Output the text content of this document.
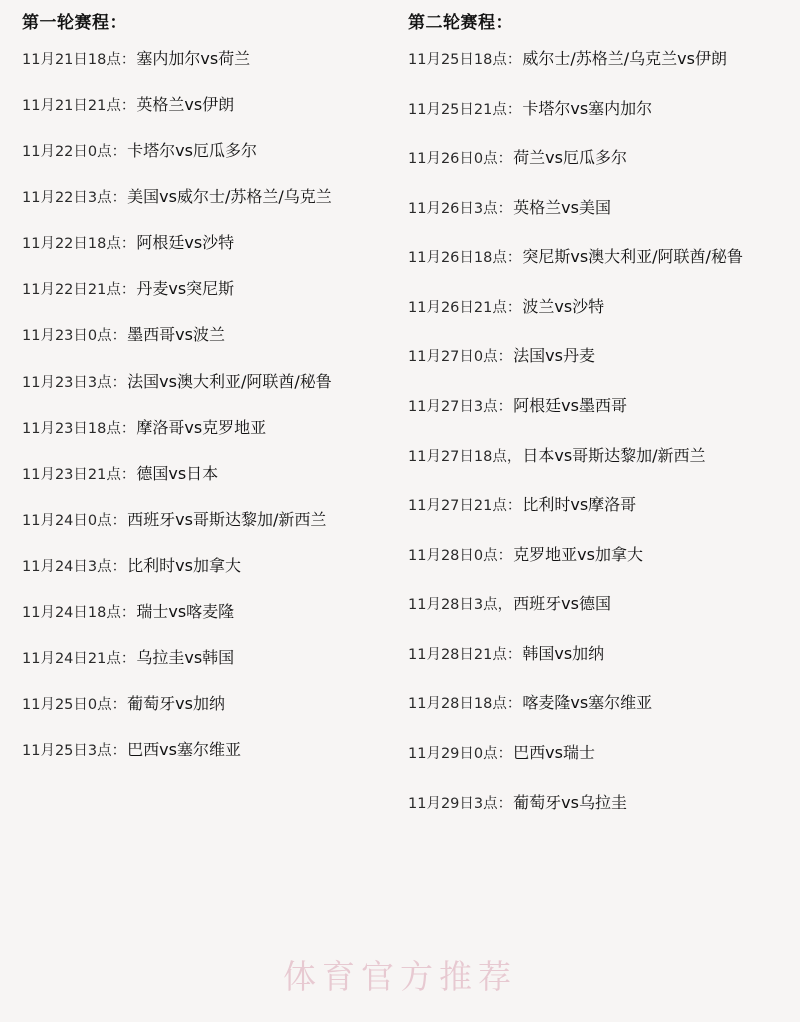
第一轮赛程：
11月21日18点：塞内加尔vs荷兰
11月21日21点：英格兰vs伊朗
11月22日0点：卡塔尔vs厄瓜多尔
11月22日3点：美国vs威尔士/苏格兰/乌克兰
11月22日18点：阿根廷vs沙特
11月22日21点：丹麦vs突尼斯
11月23日0点：墨西哥vs波兰
11月23日3点：法国vs澳大利亚/阿联酋/秘鲁
11月23日18点：摩洛哥vs克罗地亚
11月23日21点：德国vs日本
11月24日0点：西班牙vs哥斯达黎加/新西兰
11月24日3点：比利时vs加拿大
11月24日18点：瑞士vs喀麦隆
11月24日21点：乌拉圭vs韩国
11月25日0点：葡萄牙vs加纳
11月25日3点：巴西vs塞尔维亚
第二轮赛程：
11月25日18点：威尔士/苏格兰/乌克兰vs伊朗
11月25日21点：卡塔尔vs塞内加尔
11月26日0点：荷兰vs厄瓜多尔
11月26日3点：英格兰vs美国
11月26日18点：突尼斯vs澳大利亚/阿联酋/秘鲁
11月26日21点：波兰vs沙特
11月27日0点：法国vs丹麦
11月27日3点：阿根廷vs墨西哥
11月27日18点，日本vs哥斯达黎加/新西兰
11月27日21点：比利时vs摩洛哥
11月28日0点：克罗地亚vs加拿大
11月28日3点，西班牙vs德国
11月28日21点：韩国vs加纳
11月28日18点：喀麦隆vs塞尔维亚
11月29日0点：巴西vs瑞士
11月29日3点：葡萄牙vs乌拉圭
体育官方推荐
